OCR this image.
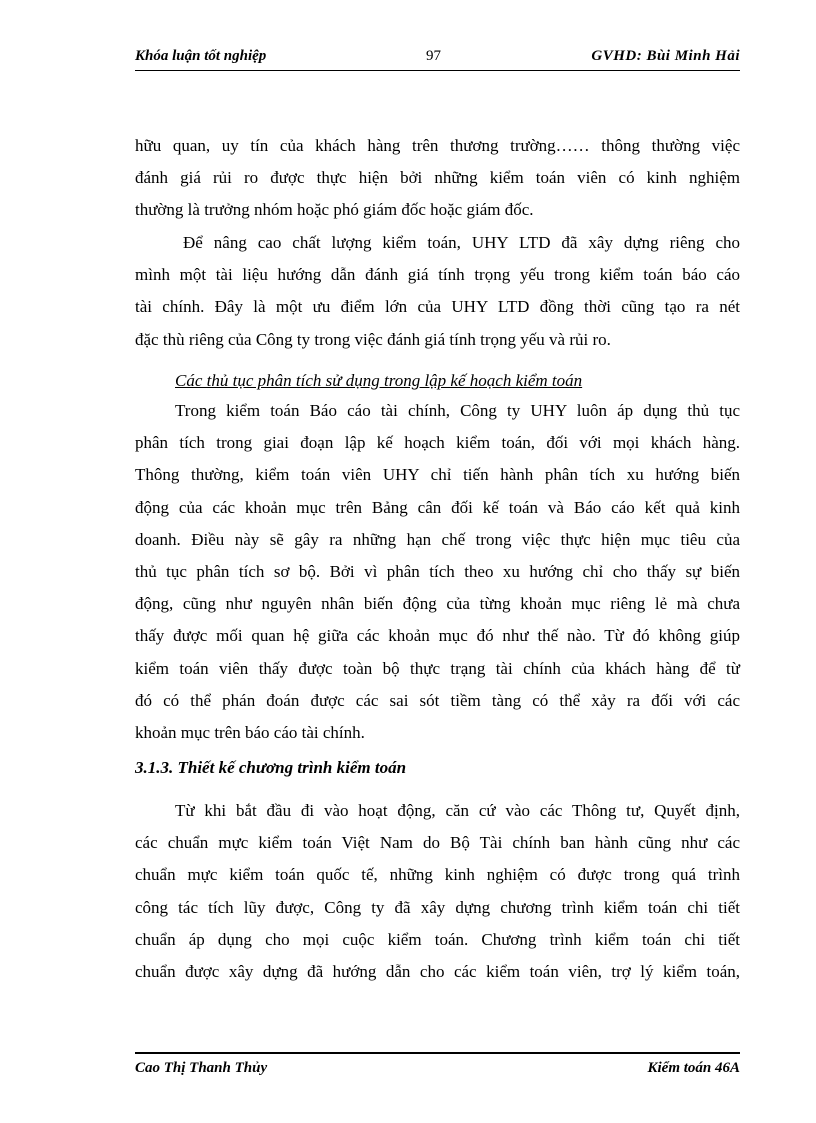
Khóa luận tốt nghiệp	97	GVHD: Bùi Minh Hải
hữu quan, uy tín của khách hàng trên thương trường…… thông thường việc
đánh giá rủi ro được thực hiện bởi những kiểm toán viên có kinh nghiệm
thường là trưởng nhóm hoặc phó giám đốc hoặc giám đốc.
Để nâng cao chất lượng kiểm toán, UHY LTD đã xây dựng riêng cho
mình một tài liệu hướng dẫn đánh giá tính trọng yếu trong kiểm toán báo cáo
tài chính. Đây là một ưu điểm lớn của UHY LTD đồng thời cũng tạo ra nét
đặc thù riêng của Công ty trong việc đánh giá tính trọng yếu và rủi ro.
Các thủ tục phân tích sử dụng trong lập kế hoạch kiểm toán
Trong kiểm toán Báo cáo tài chính, Công ty UHY luôn áp dụng thủ tục
phân tích trong giai đoạn lập kế hoạch kiểm toán, đối với mọi khách hàng.
Thông thường, kiểm toán viên UHY chỉ tiến hành phân tích xu hướng biến
động của các khoản mục trên Bảng cân đối kế toán và Báo cáo kết quả kinh
doanh. Điều này sẽ gây ra những hạn chế trong việc thực hiện mục tiêu của
thủ tục phân tích sơ bộ. Bởi vì phân tích theo xu hướng chỉ cho thấy sự biến
động, cũng như nguyên nhân biến động của từng khoản mục riêng lẻ mà chưa
thấy được mối quan hệ giữa các khoản mục đó như thế nào. Từ đó không giúp
kiểm toán viên thấy được toàn bộ thực trạng tài chính của khách hàng để từ
đó có thể phán đoán được các sai sót tiềm tàng có thể xảy ra đối với các
khoản mục trên báo cáo tài chính.
3.1.3. Thiết kế chương trình kiểm toán
Từ khi bắt đầu đi vào hoạt động, căn cứ vào các Thông tư, Quyết định,
các chuẩn mực kiểm toán Việt Nam do Bộ Tài chính ban hành cũng như các
chuẩn mực kiểm toán quốc tế, những kinh nghiệm có được trong quá trình
công tác tích lũy được, Công ty đã xây dựng chương trình kiểm toán chi tiết
chuẩn áp dụng cho mọi cuộc kiểm toán. Chương trình kiểm toán chi tiết
chuẩn được xây dựng đã hướng dẫn cho các kiểm toán viên, trợ lý kiểm toán,
Cao Thị Thanh Thủy	Kiểm toán 46A
